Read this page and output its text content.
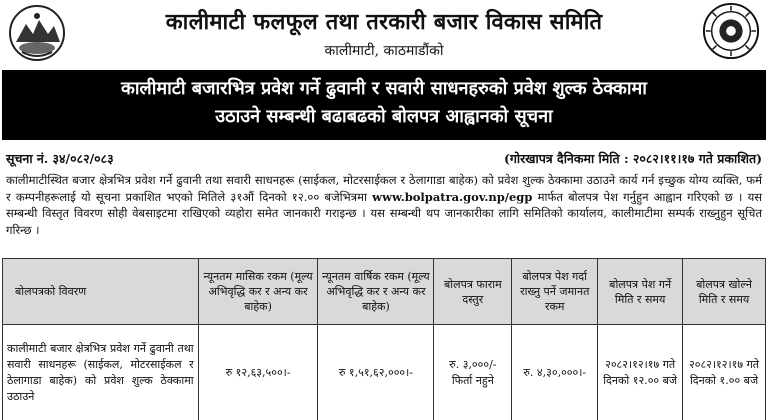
कालीमाटी फलफूल तथा तरकारी बजार विकास समिति
कालीमाटी, काठमाडौंको
कालीमाटी बजारभित्र प्रवेश गर्ने ढुवानी र सवारी साधनहरुको प्रवेश शुल्क ठेक्कामा
उठाउने सम्बन्धी बढाबढको बोलपत्र आह्वानको सूचना
सूचना नं. ३४/०८२/०८३	(गोरखापत्र दैनिकमा मिति : २०८२।११।१७ गते प्रकाशित)
कालीमाटीस्थित बजार क्षेत्रभित्र प्रवेश गर्ने ढुवानी तथा सवारी साधनहरू (साईकल, मोटरसाईकल र ठेलागाडा बाहेक) को प्रवेश शुल्क ठेक्कामा उठाउने कार्य गर्न इच्छुक योग्य व्यक्ति, फर्म र कम्पनीहरूलाई यो सूचना प्रकाशित भएको मितिले ३१औं दिनको १२.०० बजेभित्रमा www.bolpatra.gov.np/egp मार्फत बोलपत्र पेश गर्नुहुन आह्वान गरिएको छ । यस सम्बन्धी विस्तृत विवरण सोही वेबसाइटमा राखिएको व्यहोरा समेत जानकारी गराइन्छ । यस सम्बन्धी थप जानकारीका लागि समितिको कार्यालय, कालीमाटीमा सम्पर्क राख्नुहुन सूचित गरिन्छ ।
बोलपत्रको विवरण	न्यूनतम मासिक रकम (मूल्य अभिवृद्धि कर र अन्य कर बाहेक)	न्यूनतम वार्षिक रकम (मूल्य अभिवृद्धि कर र अन्य कर बाहेक)	बोलपत्र फाराम दस्तुर	बोलपत्र पेश गर्दा राख्नु पर्ने जमानत रकम	बोलपत्र पेश गर्ने मिति र समय	बोलपत्र खोल्ने मिति र समय
कालीमाटी बजार क्षेत्रभित्र प्रवेश गर्ने ढुवानी तथा सवारी साधनहरू (साईकल, मोटरसाईकल र ठेलागाडा बाहेक) को प्रवेश शुल्क ठेक्कामा उठाउने	रु १२,६३,५००।-	रु १,५१,६२,०००।-	रु. ३,०००/- फिर्ता नहुने	रु. ४,३०,०००।-	२०८२।१२।१७ गते दिनको १२.०० बजे	२०८२।१२।१७ गते दिनको १.०० बजे
